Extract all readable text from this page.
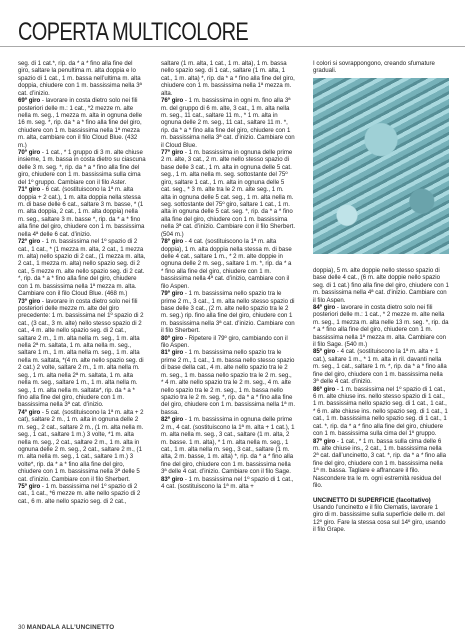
COPERTA MULTICOLORE

seg. di 1 cat.*, rip. da * a * fino alla fine del giro, saltare la penultima m. alta doppia e lo spazio di 1 cat., 1 m. bassa nell’ultima m. alta doppia, chiudere con 1 m. bassissima nella 3ª cat. d’inizio.

69º giro - lavorare in costa dietro solo nei fili posteriori delle m.: 1 cat., *2 mezze m. alte nella m. seg., 1 mezza m. alta in ognuna delle 16 m. seg. *, rip. da * a * fino alla fine del giro, chiudere con 1 m. bassissima nella 1ª mezza m. alta, cambiare con il filo Cloud Blue. (432 m.)

70º giro - 1 cat., * 1 gruppo di 3 m. alte chiuse insieme, 1 m. bassa in costa dietro su ciascuna delle 3 m. seg. *, rip. da * a * fino alla fine del giro, chiudere con 1 m. bassissima sulla cima del 1º gruppo. Cambiare con il filo Aster.

71º giro - 6 cat. (sostituiscono la 1ª m. alta doppia + 2 cat.), 1 m. alta doppia nella stessa m. di base delle 6 cat., saltare 3 m. basse, * (1 m. alta doppia, 2 cat., 1 m. alta doppia) nella m. seg., saltare 3 m. basse *, rip. da * a * fino alla fine del giro, chiudere con 1 m. bassissima nella 4ª delle 6 cat. d’inizio.

72º giro - 1 m. bassissima nel 1º spazio di 2 cat., 1 cat., * (1 mezza m. alta, 2 cat., 1 mezza m. alta) nello spazio di 2 cat., (1 mezza m. alta, 2 cat., 1 mezza m. alta) nello spazio seg. di 2 cat., 5 mezze m. alte nello spazio seg. di 2 cat. *, rip. da * a * fino alla fine del giro, chiudere con 1 m. bassissima nella 1ª mezza m. alta. Cambiare con il filo Cloud Blue. (468 m.)

73º giro - lavorare in costa dietro solo nei fili posteriori delle mezze m. alte del giro precedente: 1 m. bassissima nel 1º spazio di 2 cat., (3 cat., 3 m. alte) nello stesso spazio di 2 cat., 4 m. alte nello spazio seg. di 2 cat., saltare 2 m., 1 m. alta nella m. seg., 1 m. alta nella 2ª m. saltata, 1 m. alta nella m. seg., saltare 1 m., 1 m. alta nella m. seg., 1 m. alta nella m. saltata, *(4 m. alte nello spazio seg. di 2 cat.) 2 volte, saltare 2 m., 1 m. alta nella m. seg., 1 m. alta nella 2ª m. saltata, 1 m. alta nella m. seg., saltare 1 m., 1 m. alta nella m. seg., 1 m. alta nella m. saltata*, rip. da * a * fino alla fine del giro, chiudere con 1 m. bassissima nella 3ª cat. d’inizio.

74º giro - 5 cat. (sostituiscono la 1ª m. alta + 2 cat), saltare 2 m., 1 m. alta in ognuna delle 2 m. seg., 2 cat., saltare 2 m., (1 m. alta nella m. seg., 1 cat., saltare 1 m.) 3 volte, *1 m. alta nella m. seg., 2 cat., saltare 2 m., 1 m. alta in ognuna delle 2 m. seg., 2 cat., saltare 2 m., (1 m. alta nella m. seg., 1 cat., saltare 1 m.) 3 volte*, rip. da * a * fino alla fine del giro, chiudere con 1 m. bassissima nella 3ª delle 5 cat. d’inizio. Cambiare con il filo Sherbert.

75º giro - 1 m. bassissima nel 1º spazio di 2 cat., 1 cat., *6 mezze m. alte nello spazio di 2 cat., 6 m. alte nello spazio seg. di 2 cat.,

saltare (1 m. alta, 1 cat., 1 m. alta), 1 m. bassa nello spazio seg. di 1 cat., saltare (1 m. alta, 1 cat., 1 m. alta) *, rip. da * a * fino alla fine del giro, chiudere con 1 m. bassissima nella 1ª mezza m. alta.

76º giro - 1 m. bassissima in ogni m. fino alla 3ª m. del gruppo di 6 m. alte, 3 cat., 1 m. alta nella m. seg., 11 cat., saltare 11 m., * 1 m. alta in ognuna delle 2 m. seg., 11 cat., saltare 11 m. *, rip. da * a * fino alla fine del giro, chiudere con 1 m. bassissima nella 3ª cat. d’inizio. Cambiare con il Cloud Blue.

77º giro - 1 m. bassissima in ognuna delle prime 2 m. alte, 3 cat., 2 m. alte nello stesso spazio di base delle 3 cat., 1 m. alta in ognuna delle 5 cat. seg., 1 m. alta nella m. seg. sottostante del 75º giro, saltare 1 cat., 1 m. alta in ognuna delle 5 cat. seg., * 3 m. alte tra le 2 m. alte seg., 1 m. alta in ognuna delle 5 cat. seg., 1 m. alta nella m. seg. sottostante del 75º giro, saltare 1 cat., 1 m. alta in ognuna delle 5 cat. seg. *, rip. da * a * fino alla fine del giro, chiudere con 1 m. bassissima nella 3ª cat. d’inizio. Cambiare con il filo Sherbert. (504 m.)

78º giro - 4 cat. (sostituiscono la 1ª m. alta doppia), 1 m. alta doppia nella stessa m. di base delle 4 cat., saltare 1 m., * 2 m. alte doppie in ognuna delle 2 m. seg., saltare 1 m. *, rip. da * a * fino alla fine del giro, chiudere con 1 m. bassissima nella 4ª cat. d’inizio, cambiare con il filo Aspen.

79º giro - 1 m. bassissima nello spazio tra le prime 2 m., 3 cat., 1 m. alta nello stesso spazio di base delle 3 cat., (2 m. alte nello spazio tra le 2 m. seg.) rip. fino alla fine del giro, chiudere con 1 m. bassissima nella 3ª cat. d’inizio. Cambiare con il filo Sherbert.

80º giro - Ripetere il 79º giro, cambiando con il filo Aspen.

81º giro - 1 m. bassissima nello spazio tra le prime 2 m., 1 cat., 1 m. bassa nello stesso spazio di base della cat., 4 m. alte nello spazio tra le 2 m. seg., 1 m. bassa nello spazio tra le 2 m. seg., * 4 m. alte nello spazio tra le 2 m. seg., 4 m. alte nello spazio tra le 2 m. seg., 1 m. bassa nello spazio tra le 2 m. seg. *, rip. da * a * fino alla fine del giro, chiudere con 1 m. bassissima nella 1ª m. bassa.

82º giro - 1 m. bassissima in ognuna delle prime 2 m., 4 cat. (sostituiscono la 1ª m. alta + 1 cat.), 1 m. alta nella m. seg., 3 cat., saltare (1 m. alta, 2 m. basse. 1 m. alta), * 1 m. alta nella m. seg., 1 cat., 1 m. alta nella m. seg., 3 cat., saltare (1 m. alta, 2 m. basse, 1 m. alta) *, rip. da * a * fino alla fine del giro, chiudere con 1 m. bassissima nella 3ª delle 4 cat. d’inizio. Cambiare con il filo Sage.

83º giro - 1 m. bassissima nel 1º spazio di 1 cat., 4 cat. (sostituiscono la 1ª m. alta +

I colori si sovrappongono, creando sfumature graduali.

doppia), 5 m. alte doppie nello stesso spazio di base delle 4 cat., (6 m. alte doppie nello spazio seg. di 1 cat.) fino alla fine del giro, chiudere con 1 m. bassissima nella 4ª cat. d’inizio. Cambiare con il filo Aspen.

84º giro - lavorare in costa dietro solo nei fili posteriori delle m.: 1 cat., * 2 mezze m. alte nella m. seg., 1 mezza m. alta nelle 13 m. seg. *, rip. da * a * fino alla fine del giro, chiudere con 1 m. bassissima nella 1ª mezza m. alta. Cambiare con il filo Sage. (540 m.)

85º giro - 4 cat. (sostituiscono la 1ª m. alta + 1 cat.), saltare 1 m., * 1 m. alta in ril. davanti nella m. seg., 1 cat., saltare 1 m. *, rip. da * a * fino alla fine del giro, chiudere con 1 m. bassissima nella 3ª delle 4 cat. d’inizio.

86º giro - 1 m. bassissima nel 1º spazio di 1 cat., 6 m. alte chiuse ins. nello stesso spazio di 1 cat., 1 m. bassissima nello spazio seg. di 1 cat., 1 cat., * 6 m. alte chiuse ins. nello spazio seg. di 1 cat., 1 cat., 1 m. bassissima nello spazio seg. di 1 cat., 1 cat. *, rip. da * a * fino alla fine del giro, chiudere con 1 m. bassissima sulla cima del 1º gruppo.

87º giro - 1 cat., * 1 m. bassa sulla cima delle 6 m. alte chiuse ins., 2 cat., 1 m. bassissima nella 2ª cat. dall’uncinetto, 3 cat. *, rip. da * a * fino alla fine del giro, chiudere con 1 m. bassissima nella 1ª m. bassa. Tagliare e affrancare il filo. Nascondere tra le m. ogni estremità residua del filo.

UNCINETTO DI SUPERFICIE (facoltativo)

Usando l’uncinetto e il filo Clematis, lavorare 1 giro di m. bassissime sulla superficie delle m. del 12º giro. Fare la stessa cosa sul 14º giro, usando il filo Grape.

30 MANDALA ALL’UNCINETTO
